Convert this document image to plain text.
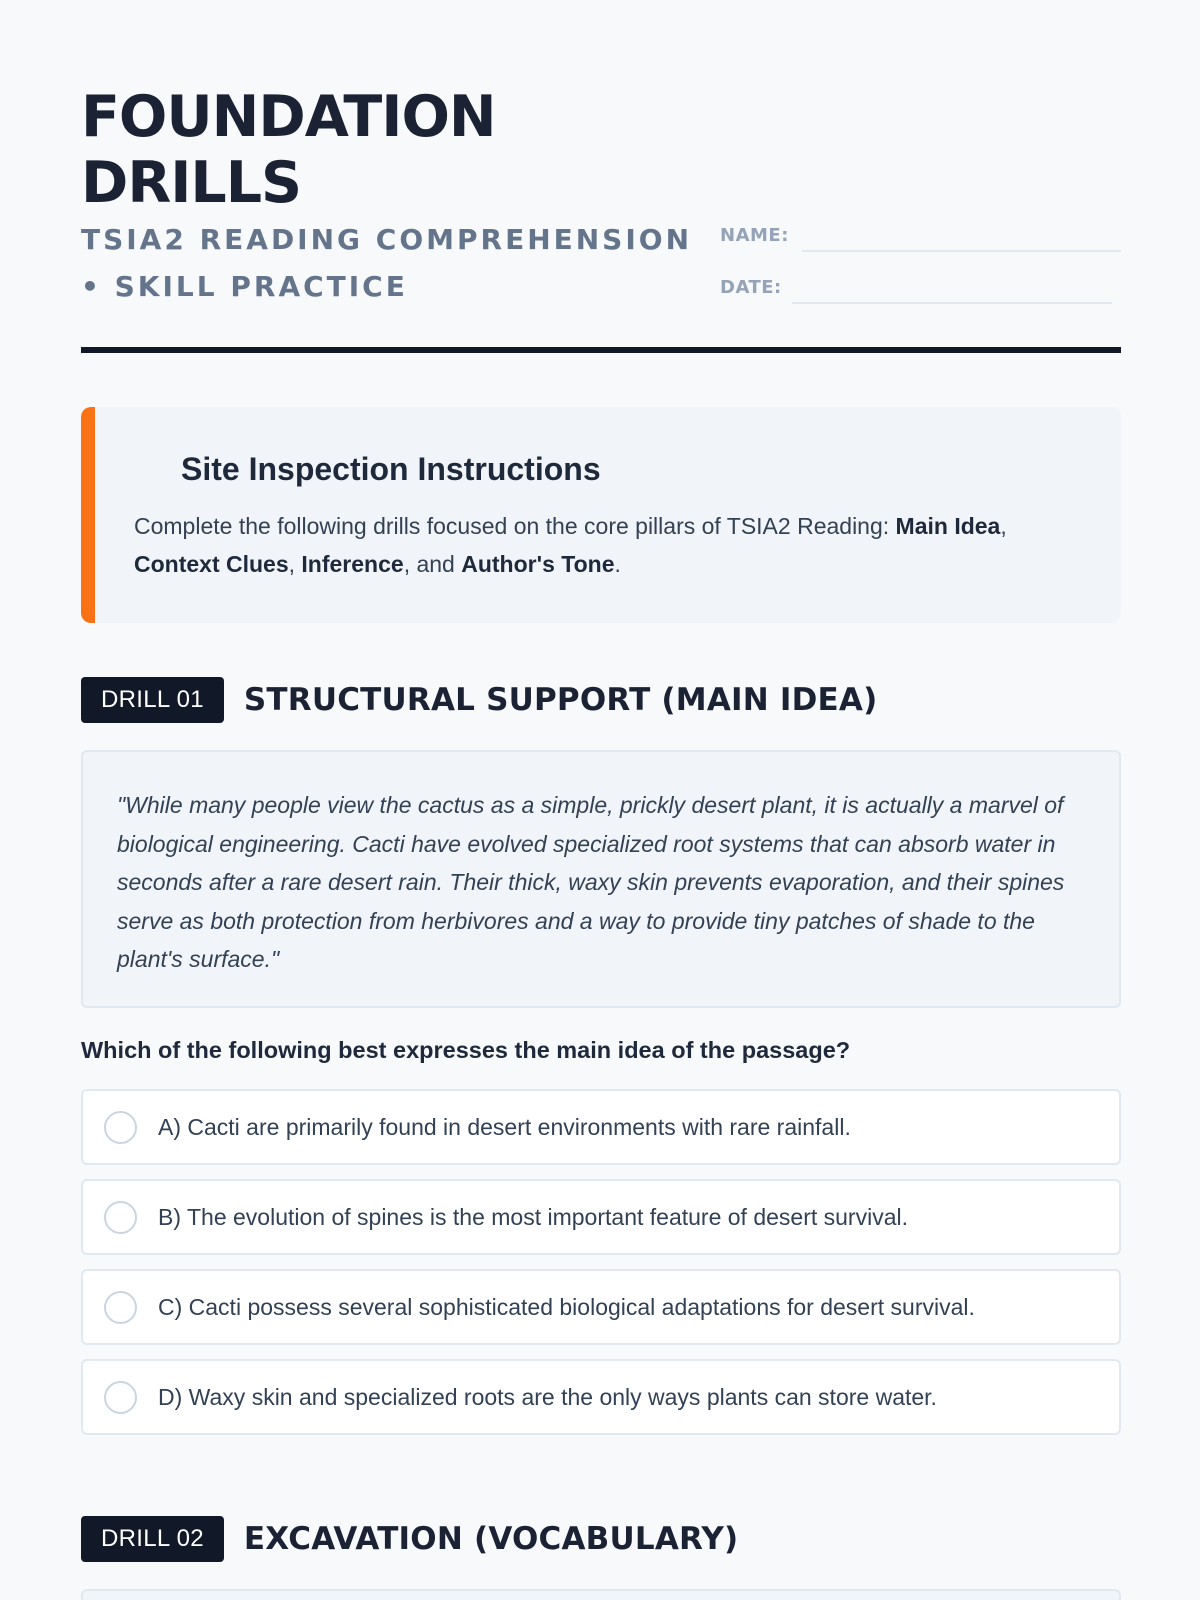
FOUNDATION
DRILLS
TSIA2 READING COMPREHENSION • SKILL PRACTICE
NAME:
DATE:
Site Inspection Instructions

Complete the following drills focused on the core pillars of TSIA2 Reading: Main Idea, Context Clues, Inference, and Author's Tone.

DRILL 01	STRUCTURAL SUPPORT (MAIN IDEA)

"While many people view the cactus as a simple, prickly desert plant, it is actually a marvel of biological engineering. Cacti have evolved specialized root systems that can absorb water in seconds after a rare desert rain. Their thick, waxy skin prevents evaporation, and their spines serve as both protection from herbivores and a way to provide tiny patches of shade to the plant's surface."

Which of the following best expresses the main idea of the passage?
A) Cacti are primarily found in desert environments with rare rainfall.
B) The evolution of spines is the most important feature of desert survival.
C) Cacti possess several sophisticated biological adaptations for desert survival.
D) Waxy skin and specialized roots are the only ways plants can store water.
DRILL 02	EXCAVATION (VOCABULARY)
